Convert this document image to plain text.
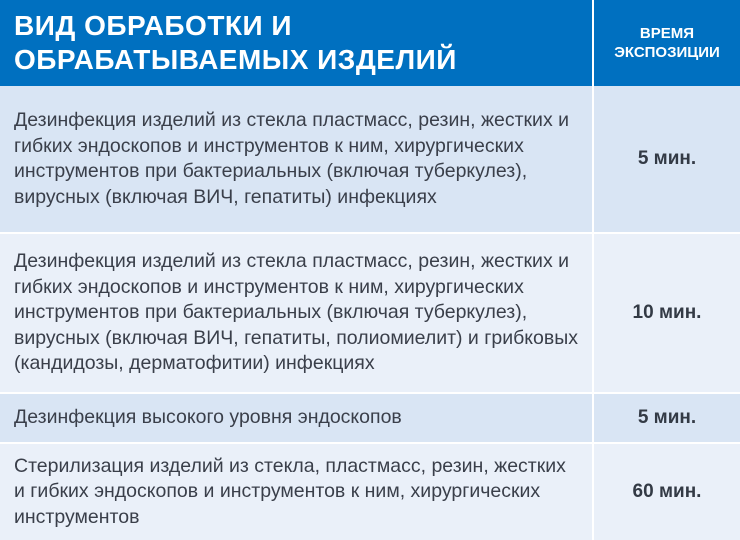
ВИД ОБРАБОТКИ И
ОБРАБАТЫВАЕМЫХ ИЗДЕЛИЙ
ВРЕМЯ
ЭКСПОЗИЦИИ
Дезинфекция изделий из стекла пластмасс, резин, жестких и гибких эндоскопов и инструментов к ним, хирургических инструментов при бактериальных (включая туберкулез), вирусных (включая ВИЧ, гепатиты) инфекциях
5 мин.
Дезинфекция изделий из стекла пластмасс, резин, жестких и гибких эндоскопов и инструментов к ним, хирургических инструментов при бактериальных (включая туберкулез), вирусных (включая ВИЧ, гепатиты, полиомиелит) и грибковых (кандидозы, дерматофитии) инфекциях
10 мин.
Дезинфекция высокого уровня эндоскопов	5 мин.
Стерилизация изделий из стекла, пластмасс, резин, жестких и гибких эндоскопов и инструментов к ним, хирургических инструментов
60 мин.
